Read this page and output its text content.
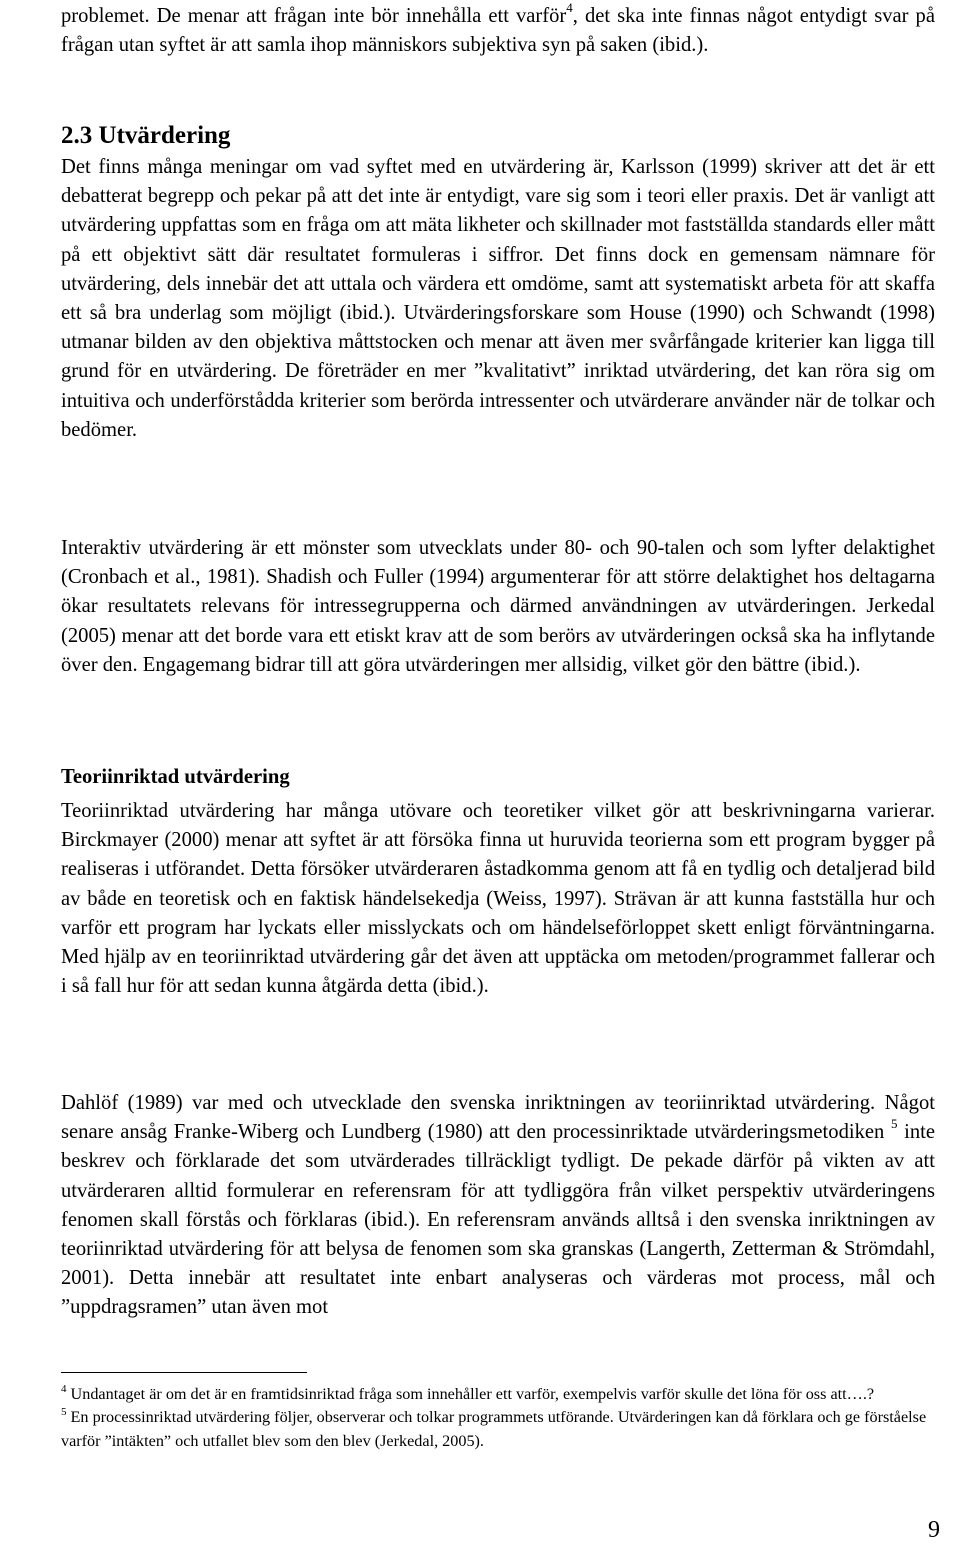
problemet. De menar att frågan inte bör innehålla ett varför$^4$, det ska inte finnas något entydigt svar på frågan utan syftet är att samla ihop människors subjektiva syn på saken (ibid.).

2.3 Utvärdering

Det finns många meningar om vad syftet med en utvärdering är, Karlsson (1999) skriver att det är ett debatterat begrepp och pekar på att det inte är entydigt, vare sig som i teori eller praxis. Det är vanligt att utvärdering uppfattas som en fråga om att mäta likheter och skillnader mot fastställda standards eller mått på ett objektivt sätt där resultatet formuleras i siffror. Det finns dock en gemensam nämnare för utvärdering, dels innebär det att uttala och värdera ett omdöme, samt att systematiskt arbeta för att skaffa ett så bra underlag som möjligt (ibid.). Utvärderingsforskare som House (1990) och Schwandt (1998) utmanar bilden av den objektiva måttstocken och menar att även mer svårfångade kriterier kan ligga till grund för en utvärdering. De företräder en mer ”kvalitativt” inriktad utvärdering, det kan röra sig om intuitiva och underförstådda kriterier som berörda intressenter och utvärderare använder när de tolkar och bedömer.

Interaktiv utvärdering är ett mönster som utvecklats under 80- och 90-talen och som lyfter delaktighet (Cronbach et al., 1981). Shadish och Fuller (1994) argumenterar för att större delaktighet hos deltagarna ökar resultatets relevans för intressegrupperna och därmed användningen av utvärderingen. Jerkedal (2005) menar att det borde vara ett etiskt krav att de som berörs av utvärderingen också ska ha inflytande över den. Engagemang bidrar till att göra utvärderingen mer allsidig, vilket gör den bättre (ibid.).

Teoriinriktad utvärdering

Teoriinriktad utvärdering har många utövare och teoretiker vilket gör att beskrivningarna varierar. Birckmayer (2000) menar att syftet är att försöka finna ut huruvida teorierna som ett program bygger på realiseras i utförandet. Detta försöker utvärderaren åstadkomma genom att få en tydlig och detaljerad bild av både en teoretisk och en faktisk händelsekedja (Weiss, 1997). Strävan är att kunna fastställa hur och varför ett program har lyckats eller misslyckats och om händelseförloppet skett enligt förväntningarna. Med hjälp av en teoriinriktad utvärdering går det även att upptäcka om metoden/programmet fallerar och i så fall hur för att sedan kunna åtgärda detta (ibid.).

Dahlöf (1989) var med och utvecklade den svenska inriktningen av teoriinriktad utvärdering. Något senare ansåg Franke-Wiberg och Lundberg (1980) att den processinriktade utvärderingsmetodiken $^5$ inte beskrev och förklarade det som utvärderades tillräckligt tydligt. De pekade därför på vikten av att utvärderaren alltid formulerar en referensram för att tydliggöra från vilket perspektiv utvärderingens fenomen skall förstås och förklaras (ibid.). En referensram används alltså i den svenska inriktningen av teoriinriktad utvärdering för att belysa de fenomen som ska granskas (Langerth, Zetterman & Strömdahl, 2001). Detta innebär att resultatet inte enbart analyseras och värderas mot process, mål och ”uppdragsramen” utan även mot

$^4$ Undantaget är om det är en framtidsinriktad fråga som innehåller ett varför, exempelvis varför skulle det löna för oss att….?

$^5$ En processinriktad utvärdering följer, observerar och tolkar programmets utförande. Utvärderingen kan då förklara och ge förståelse varför ”intäkten” och utfallet blev som den blev (Jerkedal, 2005).

9
